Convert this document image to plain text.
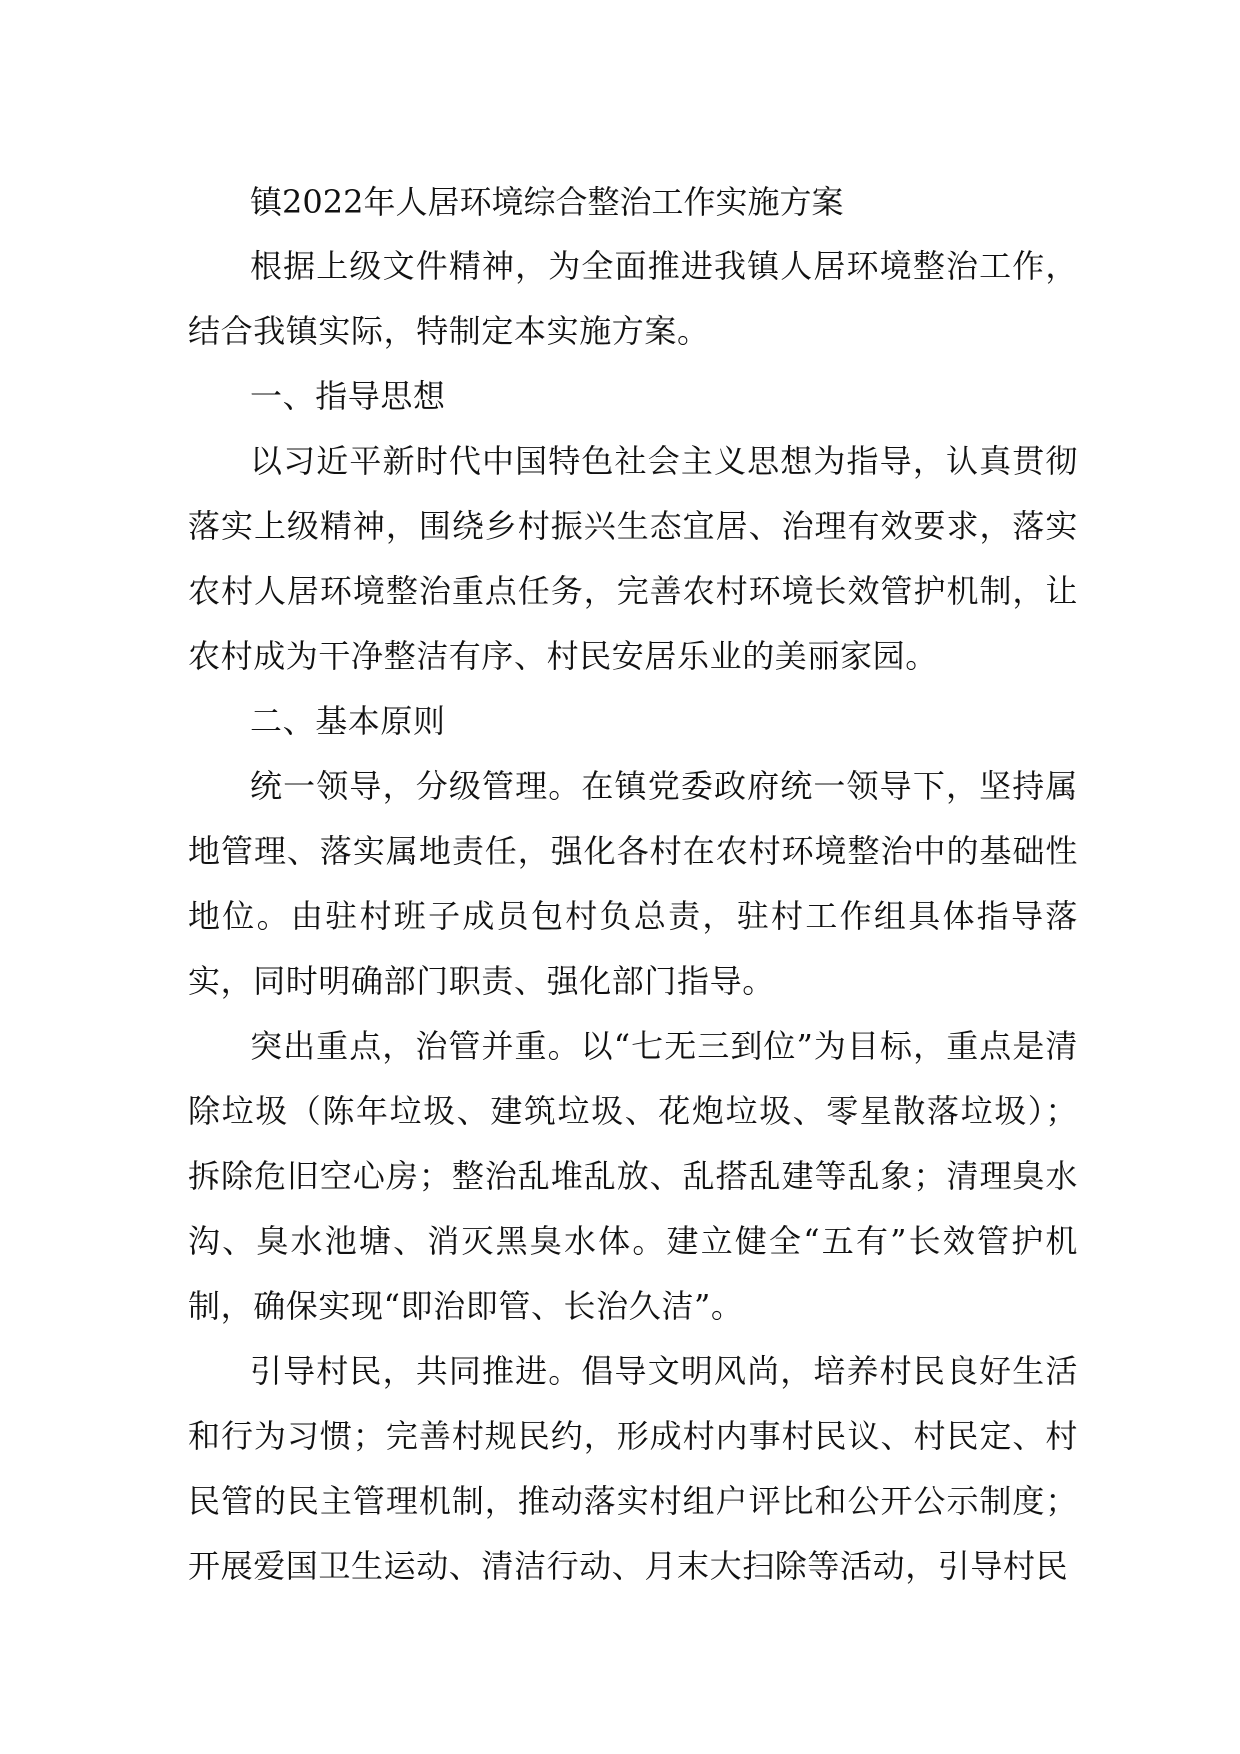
镇2022年人居环境综合整治工作实施方案

根据上级文件精神，为全面推进我镇人居环境整治工作，结合我镇实际，特制定本实施方案。

一、指导思想

以习近平新时代中国特色社会主义思想为指导，认真贯彻落实上级精神，围绕乡村振兴生态宜居、治理有效要求，落实农村人居环境整治重点任务，完善农村环境长效管护机制，让农村成为干净整洁有序、村民安居乐业的美丽家园。

二、基本原则

统一领导，分级管理。在镇党委政府统一领导下，坚持属地管理、落实属地责任，强化各村在农村环境整治中的基础性地位。由驻村班子成员包村负总责，驻村工作组具体指导落实，同时明确部门职责、强化部门指导。

突出重点，治管并重。以“七无三到位”为目标，重点是清除垃圾（陈年垃圾、建筑垃圾、花炮垃圾、零星散落垃圾）；拆除危旧空心房；整治乱堆乱放、乱搭乱建等乱象；清理臭水沟、臭水池塘、消灭黑臭水体。建立健全“五有”长效管护机制，确保实现“即治即管、长治久洁”。

引导村民，共同推进。倡导文明风尚，培养村民良好生活和行为习惯；完善村规民约，形成村内事村民议、村民定、村民管的民主管理机制，推动落实村组户评比和公开公示制度；开展爱国卫生运动、清洁行动、月末大扫除等活动，引导村民
